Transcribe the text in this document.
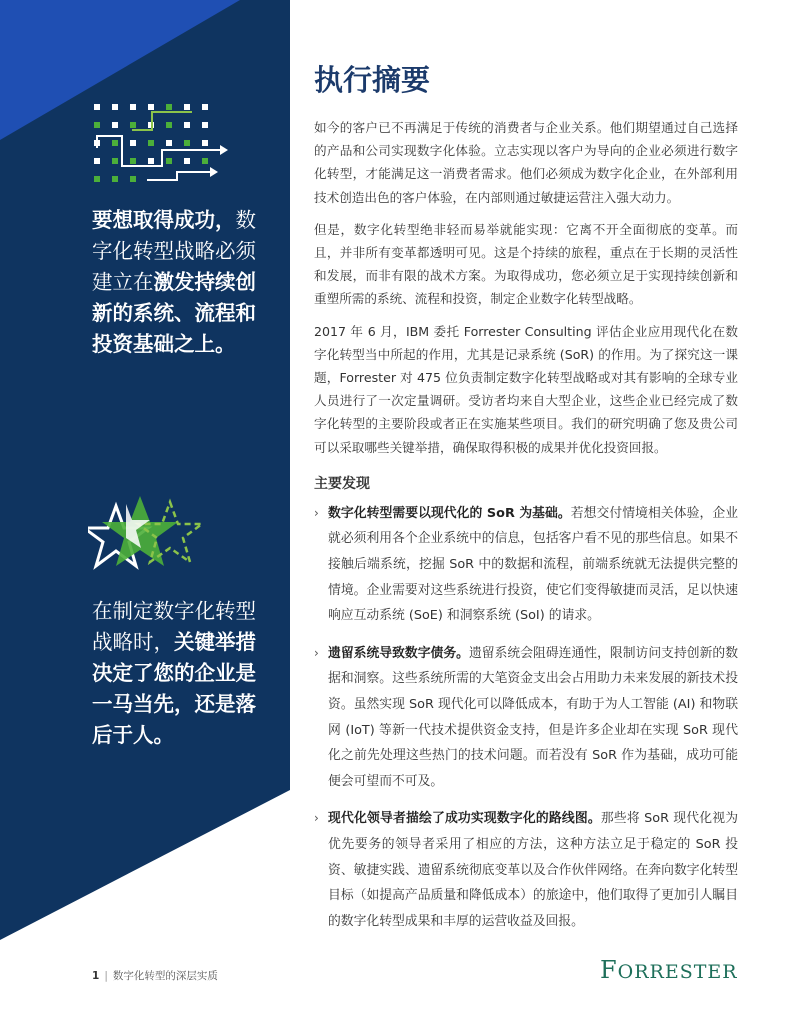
要想取得成功，数字化转型战略必须建立在激发持续创新的系统、流程和投资基础之上。
在制定数字化转型战略时，关键举措决定了您的企业是一马当先，还是落后于人。
执行摘要

如今的客户已不再满足于传统的消费者与企业关系。他们期望通过自己选择的产品和公司实现数字化体验。立志实现以客户为导向的企业必须进行数字化转型，才能满足这一消费者需求。他们必须成为数字化企业，在外部利用技术创造出色的客户体验，在内部则通过敏捷运营注入强大动力。

但是，数字化转型绝非轻而易举就能实现：它离不开全面彻底的变革。而且，并非所有变革都透明可见。这是个持续的旅程，重点在于长期的灵活性和发展，而非有限的战术方案。为取得成功，您必须立足于实现持续创新和重塑所需的系统、流程和投资，制定企业数字化转型战略。

2017 年 6 月，IBM 委托 Forrester Consulting 评估企业应用现代化在数字化转型当中所起的作用，尤其是记录系统 (SoR) 的作用。为了探究这一课题，Forrester 对 475 位负责制定数字化转型战略或对其有影响的全球专业人员进行了一次定量调研。受访者均来自大型企业，这些企业已经完成了数字化转型的主要阶段或者正在实施某些项目。我们的研究明确了您及贵公司可以采取哪些关键举措，确保取得积极的成果并优化投资回报。

主要发现
› 数字化转型需要以现代化的 SoR 为基础。若想交付情境相关体验，企业就必须利用各个企业系统中的信息，包括客户看不见的那些信息。如果不接触后端系统，挖掘 SoR 中的数据和流程，前端系统就无法提供完整的情境。企业需要对这些系统进行投资，使它们变得敏捷而灵活，足以快速响应互动系统 (SoE) 和洞察系统 (SoI) 的请求。
› 遗留系统导致数字债务。遗留系统会阻碍连通性，限制访问支持创新的数据和洞察。这些系统所需的大笔资金支出会占用助力未来发展的新技术投资。虽然实现 SoR 现代化可以降低成本，有助于为人工智能 (AI) 和物联网 (IoT) 等新一代技术提供资金支持，但是许多企业却在实现 SoR 现代化之前先处理这些热门的技术问题。而若没有 SoR 作为基础，成功可能便会可望而不可及。
› 现代化领导者描绘了成功实现数字化的路线图。那些将 SoR 现代化视为优先要务的领导者采用了相应的方法，这种方法立足于稳定的 SoR 投资、敏捷实践、遗留系统彻底变革以及合作伙伴网络。在奔向数字化转型目标（如提高产品质量和降低成本）的旅途中，他们取得了更加引人瞩目的数字化转型成果和丰厚的运营收益及回报。
1 | 数字化转型的深层实质	FORRESTER
